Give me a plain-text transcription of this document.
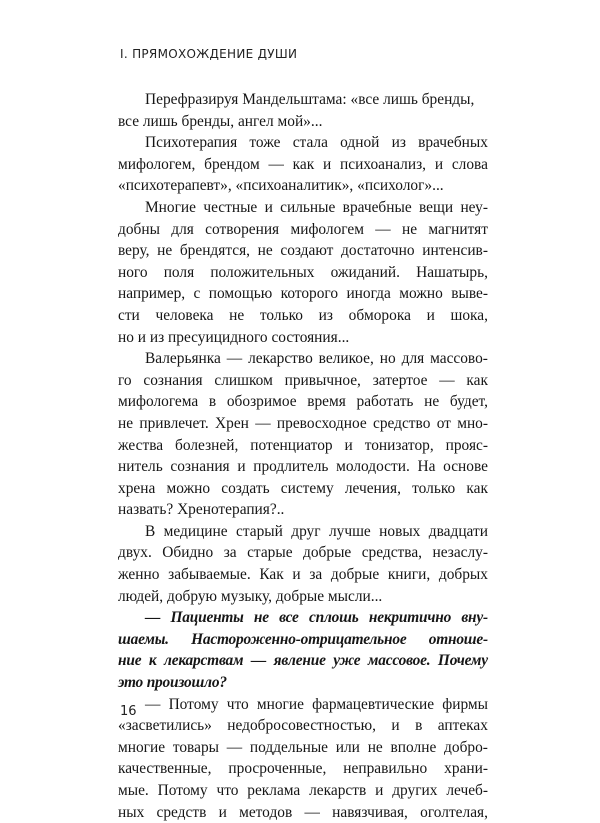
I. ПРЯМОХОЖДЕНИЕ ДУШИ
Перефразируя Мандельштама: «все лишь бренды,
все лишь бренды, ангел мой»...
Психотерапия тоже стала одной из врачебных
мифологем, брендом — как и психоанализ, и слова
«психотерапевт», «психоаналитик», «психолог»...
Многие честные и сильные врачебные вещи неу-
добны для сотворения мифологем — не магнитят
веру, не брендятся, не создают достаточно интенсив-
ного поля положительных ожиданий. Нашатырь,
например, с помощью которого иногда можно выве-
сти человека не только из обморока и шока,
но и из пресуицидного состояния...
Валерьянка — лекарство великое, но для массово-
го сознания слишком привычное, затертое — как
мифологема в обозримое время работать не будет,
не привлечет. Хрен — превосходное средство от мно-
жества болезней, потенциатор и тонизатор, прояс-
нитель сознания и продлитель молодости. На основе
хрена можно создать систему лечения, только как
назвать? Хренотерапия?..
В медицине старый друг лучше новых двадцати
двух. Обидно за старые добрые средства, незаслу-
женно забываемые. Как и за добрые книги, добрых
людей, добрую музыку, добрые мысли...
— Пациенты не все сплошь некритично вну-
шаемы. Настороженно-отрицательное отноше-
ние к лекарствам — явление уже массовое. Почему
это произошло?
— Потому что многие фармацевтические фирмы
«засветились» недобросовестностью, и в аптеках
многие товары — поддельные или не вполне добро-
качественные, просроченные, неправильно храни-
мые. Потому что реклама лекарств и других лечеб-
ных средств и методов — навязчивая, оголтелая,
16
